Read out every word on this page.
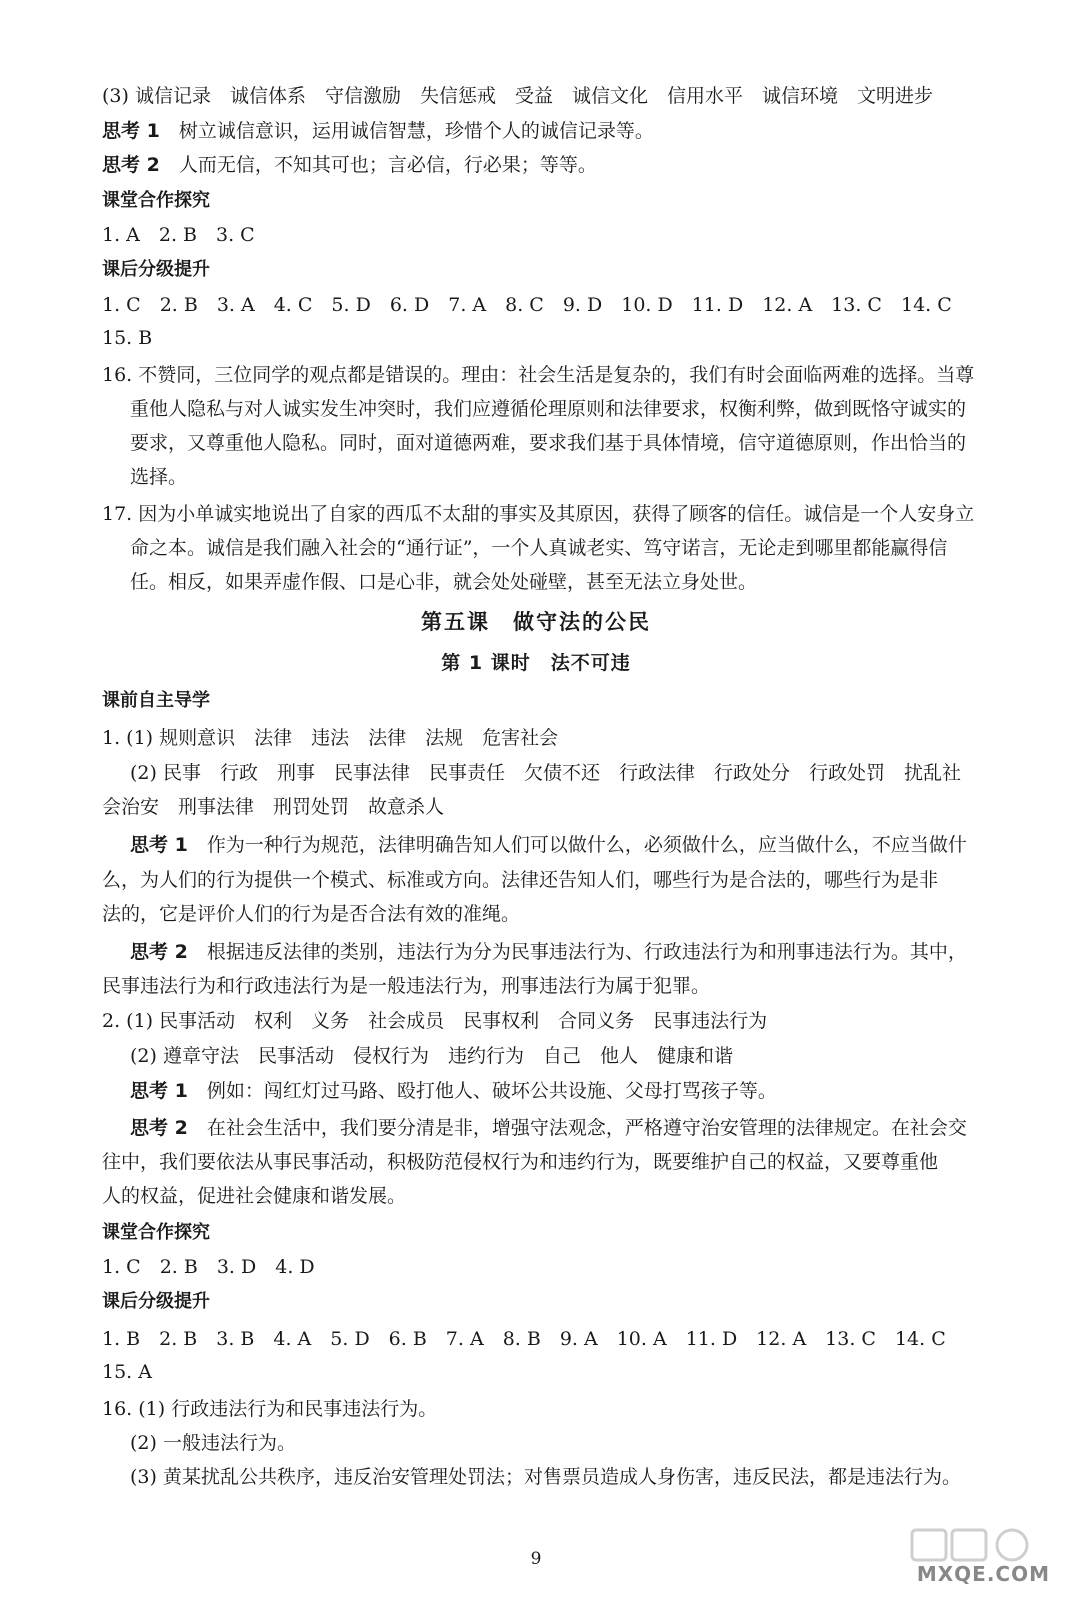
(3) 诚信记录　诚信体系　守信激励　失信惩戒　受益　诚信文化　信用水平　诚信环境　文明进步
思考 1　 树立诚信意识，运用诚信智慧，珍惜个人的诚信记录等。
思考 2　 人而无信，不知其可也；言必信，行必果；等等。
课堂合作探究
1. A　2. B　3. C
课后分级提升
1. C　2. B　3. A　4. C　5. D　6. D　7. A　8. C　9. D　10. D　11. D　12. A　13. C　14. C
15. B
16. 不赞同，三位同学的观点都是错误的。理由：社会生活是复杂的，我们有时会面临两难的选择。当尊
重他人隐私与对人诚实发生冲突时，我们应遵循伦理原则和法律要求，权衡利弊，做到既恪守诚实的
要求，又尊重他人隐私。同时，面对道德两难，要求我们基于具体情境，信守道德原则，作出恰当的
选择。
17. 因为小单诚实地说出了自家的西瓜不太甜的事实及其原因，获得了顾客的信任。诚信是一个人安身立
命之本。诚信是我们融入社会的“通行证”，一个人真诚老实、笃守诺言，无论走到哪里都能赢得信
任。相反，如果弄虚作假、口是心非，就会处处碰壁，甚至无法立身处世。
第五课　做守法的公民
第 1 课时　法不可违
课前自主导学
1. (1) 规则意识　法律　违法　法律　法规　危害社会
(2) 民事　行政　刑事　民事法律　民事责任　欠债不还　行政法律　行政处分　行政处罚　扰乱社
会治安　刑事法律　刑罚处罚　故意杀人
思考 1　 作为一种行为规范，法律明确告知人们可以做什么，必须做什么，应当做什么，不应当做什
么，为人们的行为提供一个模式、标准或方向。法律还告知人们，哪些行为是合法的，哪些行为是非
法的，它是评价人们的行为是否合法有效的准绳。
思考 2　 根据违反法律的类别，违法行为分为民事违法行为、行政违法行为和刑事违法行为。其中，
民事违法行为和行政违法行为是一般违法行为，刑事违法行为属于犯罪。
2. (1) 民事活动　权利　义务　社会成员　民事权利　合同义务　民事违法行为
(2) 遵章守法　民事活动　侵权行为　违约行为　自己　他人　健康和谐
思考 1　 例如：闯红灯过马路、殴打他人、破坏公共设施、父母打骂孩子等。
思考 2　 在社会生活中，我们要分清是非，增强守法观念，严格遵守治安管理的法律规定。在社会交
往中，我们要依法从事民事活动，积极防范侵权行为和违约行为，既要维护自己的权益，又要尊重他
人的权益，促进社会健康和谐发展。
课堂合作探究
1. C　2. B　3. D　4. D
课后分级提升
1. B　2. B　3. B　4. A　5. D　6. B　7. A　8. B　9. A　10. A　11. D　12. A　13. C　14. C
15. A
16. (1) 行政违法行为和民事违法行为。
(2) 一般违法行为。
(3) 黄某扰乱公共秩序，违反治安管理处罚法；对售票员造成人身伤害，违反民法，都是违法行为。
9
MXQE.COM
